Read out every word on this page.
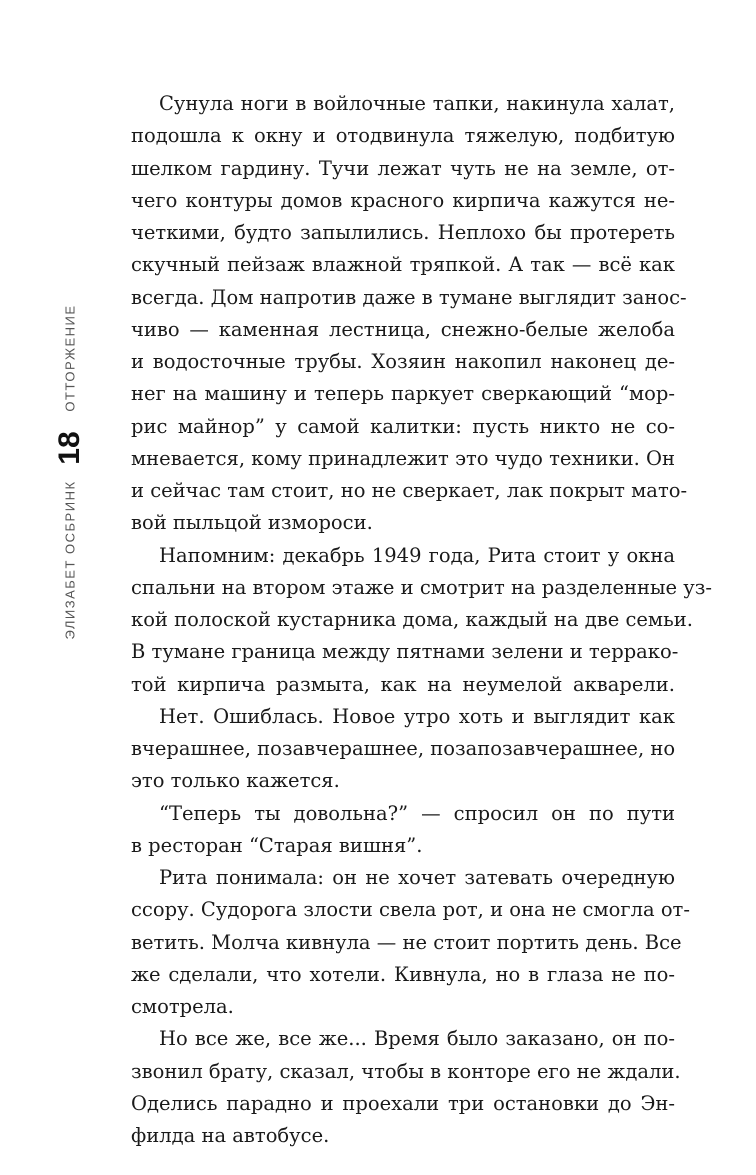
ОТТОРЖЕНИЕ
18
ЭЛИЗАБЕТ ОСБРИНК
Сунула ноги в войлочные тапки, накинула халат,
подошла к окну и отодвинула тяжелую, подбитую
шелком гардину. Тучи лежат чуть не на земле, от-
чего контуры домов красного кирпича кажутся не-
четкими, будто запылились. Неплохо бы протереть
скучный пейзаж влажной тряпкой. А так — всё как
всегда. Дом напротив даже в тумане выглядит занос-
чиво — каменная лестница, снежно-белые желоба
и водосточные трубы. Хозяин накопил наконец де-
нег на машину и теперь паркует сверкающий “мор-
рис майнор” у самой калитки: пусть никто не со-
мневается, кому принадлежит это чудо техники. Он
и сейчас там стоит, но не сверкает, лак покрыт мато-
вой пыльцой измороси.
Напомним: декабрь 1949 года, Рита стоит у окна
спальни на втором этаже и смотрит на разделенные уз-
кой полоской кустарника дома, каждый на две семьи.
В тумане граница между пятнами зелени и террако-
той кирпича размыта, как на неумелой акварели.
Нет. Ошиблась. Новое утро хоть и выглядит как
вчерашнее, позавчерашнее, позапозавчерашнее, но
это только кажется.
“Теперь ты довольна?” — спросил он по пути
в ресторан “Старая вишня”.
Рита понимала: он не хочет затевать очередную
ссору. Судорога злости свела рот, и она не смогла от-
ветить. Молча кивнула — не стоит портить день. Все
же сделали, что хотели. Кивнула, но в глаза не по-
смотрела.
Но все же, все же... Время было заказано, он по-
звонил брату, сказал, чтобы в конторе его не ждали.
Оделись парадно и проехали три остановки до Эн-
филда на автобусе.
